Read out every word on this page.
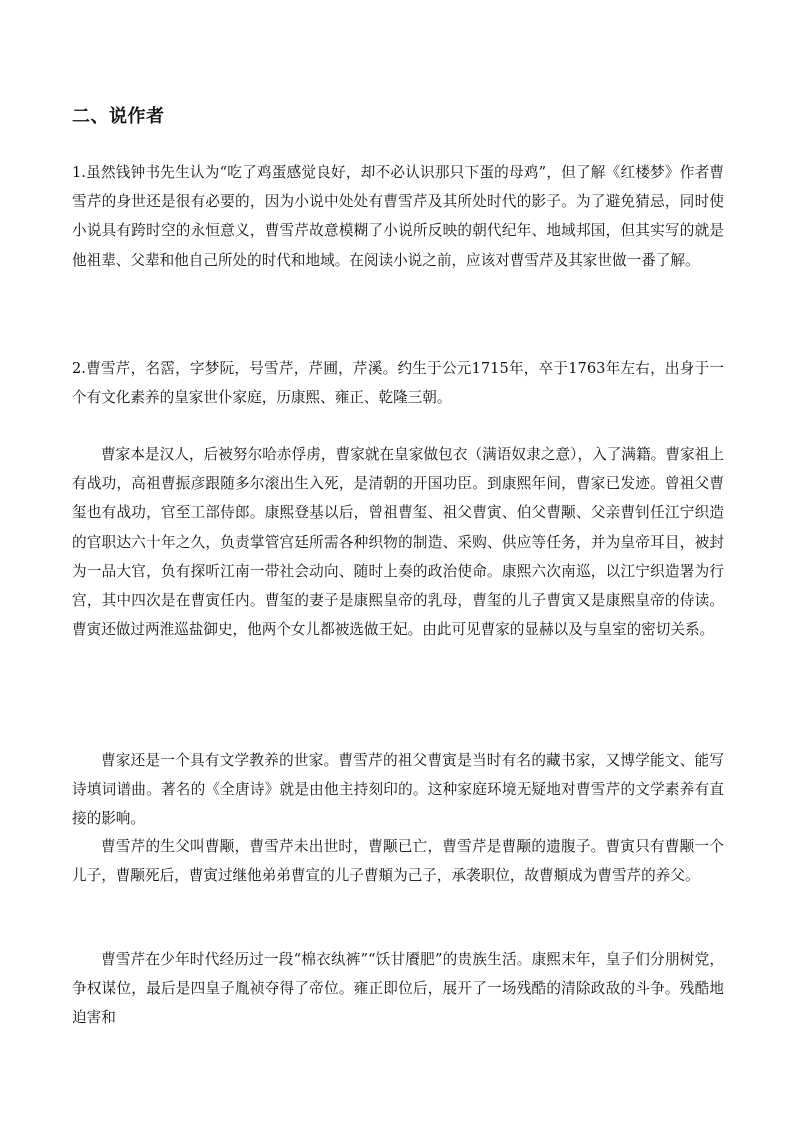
二、说作者

1.虽然钱钟书先生认为“吃了鸡蛋感觉良好，却不必认识那只下蛋的母鸡”，但了解《红楼梦》作者曹雪芹的身世还是很有必要的，因为小说中处处有曹雪芹及其所处时代的影子。为了避免猜忌，同时使小说具有跨时空的永恒意义，曹雪芹故意模糊了小说所反映的朝代纪年、地域邦国，但其实写的就是他祖辈、父辈和他自己所处的时代和地域。在阅读小说之前，应该对曹雪芹及其家世做一番了解。

2.曹雪芹，名霑，字梦阮，号雪芹，芹圃，芹溪。约生于公元1715年，卒于1763年左右，出身于一个有文化素养的皇家世仆家庭，历康熙、雍正、乾隆三朝。

曹家本是汉人，后被努尔哈赤俘虏，曹家就在皇家做包衣（满语奴隶之意），入了满籍。曹家祖上有战功，高祖曹振彦跟随多尔滚出生入死，是清朝的开国功臣。到康熙年间，曹家已发迹。曾祖父曹玺也有战功，官至工部侍郎。康熙登基以后，曾祖曹玺、祖父曹寅、伯父曹颙、父亲曹钊任江宁织造的官职达六十年之久，负责掌管宫廷所需各种织物的制造、采购、供应等任务，并为皇帝耳目，被封为一品大官，负有探听江南一带社会动向、随时上奏的政治使命。康熙六次南巡，以江宁织造署为行宫，其中四次是在曹寅任内。曹玺的妻子是康熙皇帝的乳母，曹玺的儿子曹寅又是康熙皇帝的侍读。曹寅还做过两淮巡盐御史，他两个女儿都被选做王妃。由此可见曹家的显赫以及与皇室的密切关系。

曹家还是一个具有文学教养的世家。曹雪芹的祖父曹寅是当时有名的藏书家，又博学能文、能写诗填词谱曲。著名的《全唐诗》就是由他主持刻印的。这种家庭环境无疑地对曹雪芹的文学素养有直接的影响。

曹雪芹的生父叫曹颙，曹雪芹未出世时，曹颙已亡，曹雪芹是曹颙的遗腹子。曹寅只有曹颙一个儿子，曹颙死后，曹寅过继他弟弟曹宣的儿子曹頫为己子，承袭职位，故曹頫成为曹雪芹的养父。

曹雪芹在少年时代经历过一段“棉衣纨裤”“饫甘餍肥”的贵族生活。康熙末年，皇子们分朋树党，争权谋位，最后是四皇子胤祯夺得了帝位。雍正即位后，展开了一场残酷的清除政敌的斗争。残酷地迫害和
